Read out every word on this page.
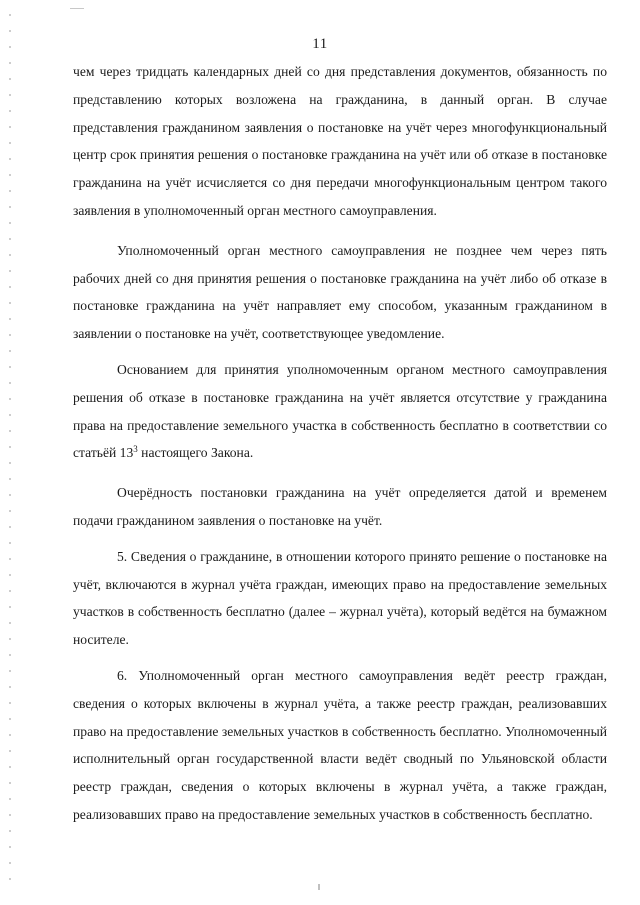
11

чем через тридцать календарных дней со дня представления документов, обязанность по представлению которых возложена на гражданина, в данный орган. В случае представления гражданином заявления о постановке на учёт через многофункциональный центр срок принятия решения о постановке гражданина на учёт или об отказе в постановке гражданина на учёт исчисляется со дня передачи многофункциональным центром такого заявления в уполномоченный орган местного самоуправления.

Уполномоченный орган местного самоуправления не позднее чем через пять рабочих дней со дня принятия решения о постановке гражданина на учёт либо об отказе в постановке гражданина на учёт направляет ему способом, указанным гражданином в заявлении о постановке на учёт, соответствующее уведомление.

Основанием для принятия уполномоченным органом местного самоуправления решения об отказе в постановке гражданина на учёт является отсутствие у гражданина права на предоставление земельного участка в собственность бесплатно в соответствии со статьёй $13^3$ настоящего Закона.

Очерёдность постановки гражданина на учёт определяется датой и временем подачи гражданином заявления о постановке на учёт.

5. Сведения о гражданине, в отношении которого принято решение о постановке на учёт, включаются в журнал учёта граждан, имеющих право на предоставление земельных участков в собственность бесплатно (далее – журнал учёта), который ведётся на бумажном носителе.

6. Уполномоченный орган местного самоуправления ведёт реестр граждан, сведения о которых включены в журнал учёта, а также реестр граждан, реализовавших право на предоставление земельных участков в собственность бесплатно. Уполномоченный исполнительный орган государственной власти ведёт сводный по Ульяновской области реестр граждан, сведения о которых включены в журнал учёта, а также граждан, реализовавших право на предоставление земельных участков в собственность бесплатно.
